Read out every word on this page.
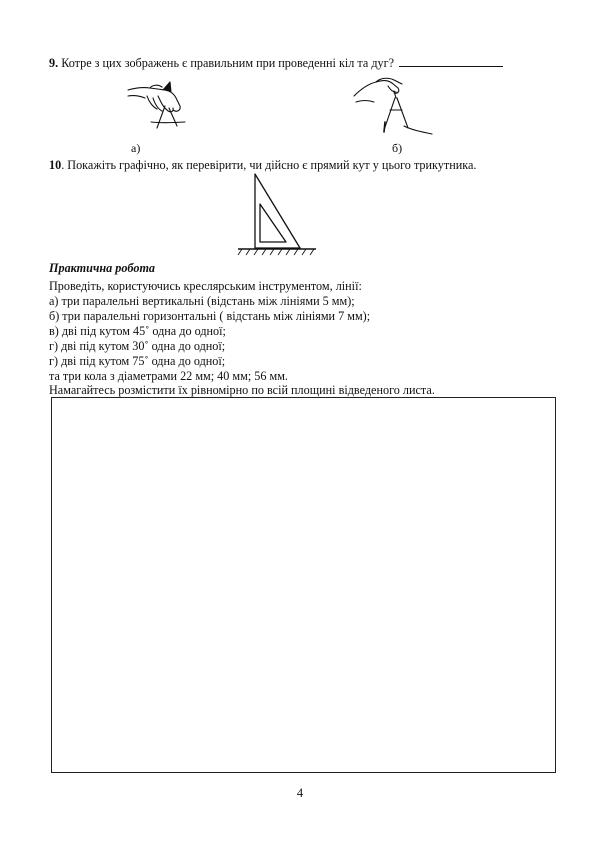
9. Котре з цих зображень є правильним при проведенні кіл та дуг?
а)	б)
10. Покажіть графічно, як перевірити, чи дійсно є прямий кут у цього трикутника.
Практична робота
Проведіть, користуючись креслярським інструментом, лінії:
а) три паралельні вертикальні (відстань між лініями 5 мм);
б) три паралельні горизонтальні ( відстань між лініями 7 мм);
в) дві під кутом 45˚ одна до одної;
г) дві під кутом 30˚ одна до одної;
г) дві під кутом 75˚ одна до одної;
та три кола з діаметрами 22 мм; 40 мм; 56 мм.
Намагайтесь розмістити їх рівномірно по всій площині відведеного листа.
4
